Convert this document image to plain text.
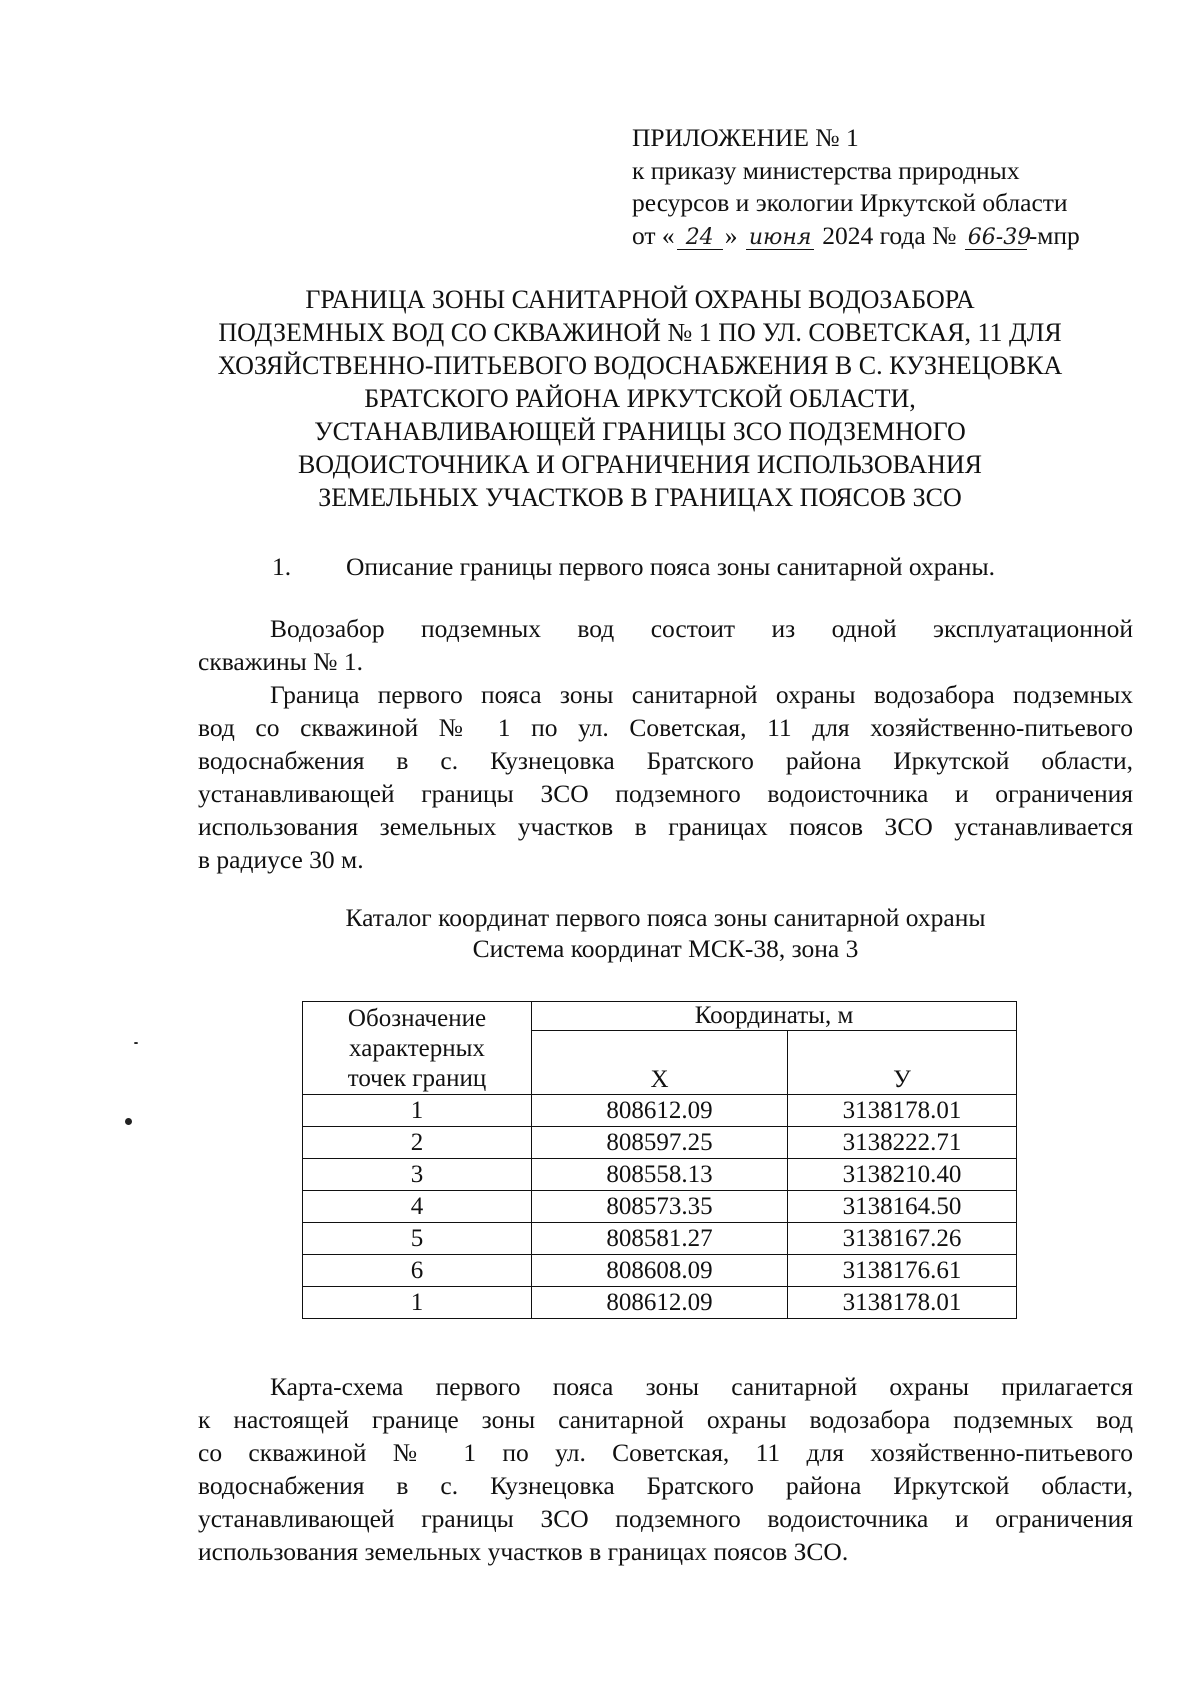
ПРИЛОЖЕНИЕ № 1
к приказу министерства природных
ресурсов и экологии Иркутской области
от « 24 » июня 2024 года № 66-39-мпр
ГРАНИЦА ЗОНЫ САНИТАРНОЙ ОХРАНЫ ВОДОЗАБОРА
ПОДЗЕМНЫХ ВОД СО СКВАЖИНОЙ № 1 ПО УЛ. СОВЕТСКАЯ, 11 ДЛЯ
ХОЗЯЙСТВЕННО-ПИТЬЕВОГО ВОДОСНАБЖЕНИЯ В С. КУЗНЕЦОВКА
БРАТСКОГО РАЙОНА ИРКУТСКОЙ ОБЛАСТИ,
УСТАНАВЛИВАЮЩЕЙ ГРАНИЦЫ ЗСО ПОДЗЕМНОГО
ВОДОИСТОЧНИКА И ОГРАНИЧЕНИЯ ИСПОЛЬЗОВАНИЯ
ЗЕМЕЛЬНЫХ УЧАСТКОВ В ГРАНИЦАХ ПОЯСОВ ЗСО
1. Описание границы первого пояса зоны санитарной охраны.
Водозабор подземных вод состоит из одной эксплуатационной
скважины № 1.
Граница первого пояса зоны санитарной охраны водозабора подземных
вод со скважиной № 1 по ул. Советская, 11 для хозяйственно-питьевого
водоснабжения в с. Кузнецовка Братского района Иркутской области,
устанавливающей границы ЗСО подземного водоисточника и ограничения
использования земельных участков в границах поясов ЗСО устанавливается
в радиусе 30 м.
Каталог координат первого пояса зоны санитарной охраны
Система координат МСК-38, зона 3
Обозначение
характерных
точек границ	Координаты, м	
	X	У
1	808612.09	3138178.01
2	808597.25	3138222.71
3	808558.13	3138210.40
4	808573.35	3138164.50
5	808581.27	3138167.26
6	808608.09	3138176.61
1	808612.09	3138178.01
Карта-схема первого пояса зоны санитарной охраны прилагается
к настоящей границе зоны санитарной охраны водозабора подземных вод
со скважиной № 1 по ул. Советская, 11 для хозяйственно-питьевого
водоснабжения в с. Кузнецовка Братского района Иркутской области,
устанавливающей границы ЗСО подземного водоисточника и ограничения
использования земельных участков в границах поясов ЗСО.
